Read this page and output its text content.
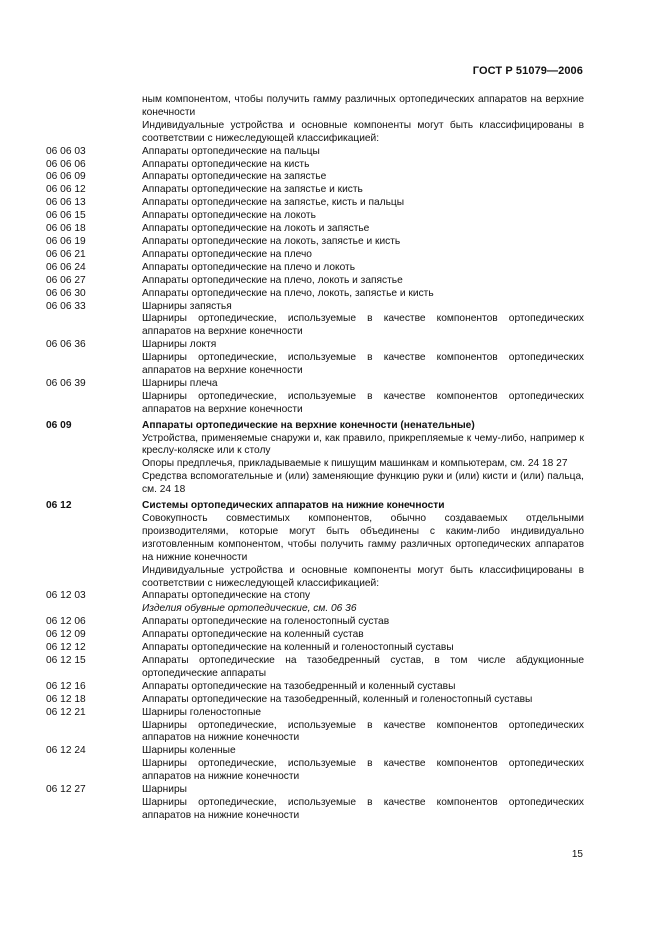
ГОСТ Р 51079—2006
ным компонентом, чтобы получить гамму различных ортопедических аппаратов на верхние конечности
Индивидуальные устройства и основные компоненты могут быть классифицированы в соответствии с нижеследующей классификацией:
06 06 03	Аппараты ортопедические на пальцы
06 06 06	Аппараты ортопедические на кисть
06 06 09	Аппараты ортопедические на запястье
06 06 12	Аппараты ортопедические на запястье и кисть
06 06 13	Аппараты ортопедические на запястье, кисть и пальцы
06 06 15	Аппараты ортопедические на локоть
06 06 18	Аппараты ортопедические на локоть и запястье
06 06 19	Аппараты ортопедические на локоть, запястье и кисть
06 06 21	Аппараты ортопедические на плечо
06 06 24	Аппараты ортопедические на плечо и локоть
06 06 27	Аппараты ортопедические на плечо, локоть и запястье
06 06 30	Аппараты ортопедические на плечо, локоть, запястье и кисть
06 06 33	Шарниры запястья
Шарниры ортопедические, используемые в качестве компонентов ортопедических аппаратов на верхние конечности
06 06 36	Шарниры локтя
Шарниры ортопедические, используемые в качестве компонентов ортопедических аппаратов на верхние конечности
06 06 39	Шарниры плеча
Шарниры ортопедические, используемые в качестве компонентов ортопедических аппаратов на верхние конечности
06 09	Аппараты ортопедические на верхние конечности (ненательные)
Устройства, применяемые снаружи и, как правило, прикрепляемые к чему-либо, например к креслу-коляске или к столу
Опоры предплечья, прикладываемые к пишущим машинкам и компьютерам, см. 24 18 27
Средства вспомогательные и (или) заменяющие функцию руки и (или) кисти и (или) пальца, см. 24 18
06 12	Системы ортопедических аппаратов на нижние конечности
Совокупность совместимых компонентов, обычно создаваемых отдельными производителями, которые могут быть объединены с каким-либо индивидуально изготовленным компонентом, чтобы получить гамму различных ортопедических аппаратов на нижние конечности
Индивидуальные устройства и основные компоненты могут быть классифицированы в соответствии с нижеследующей классификацией:
06 12 03	Аппараты ортопедические на стопу
Изделия обувные ортопедические, см. 06 36
06 12 06	Аппараты ортопедические на голеностопный сустав
06 12 09	Аппараты ортопедические на коленный сустав
06 12 12	Аппараты ортопедические на коленный и голеностопный суставы
06 12 15	Аппараты ортопедические на тазобедренный сустав, в том числе абдукционные ортопедические аппараты
06 12 16	Аппараты ортопедические на тазобедренный и коленный суставы
06 12 18	Аппараты ортопедические на тазобедренный, коленный и голеностопный суставы
06 12 21	Шарниры голеностопные
Шарниры ортопедические, используемые в качестве компонентов ортопедических аппаратов на нижние конечности
06 12 24	Шарниры коленные
Шарниры ортопедические, используемые в качестве компонентов ортопедических аппаратов на нижние конечности
06 12 27	Шарниры
Шарниры ортопедические, используемые в качестве компонентов ортопедических аппаратов на нижние конечности
15
